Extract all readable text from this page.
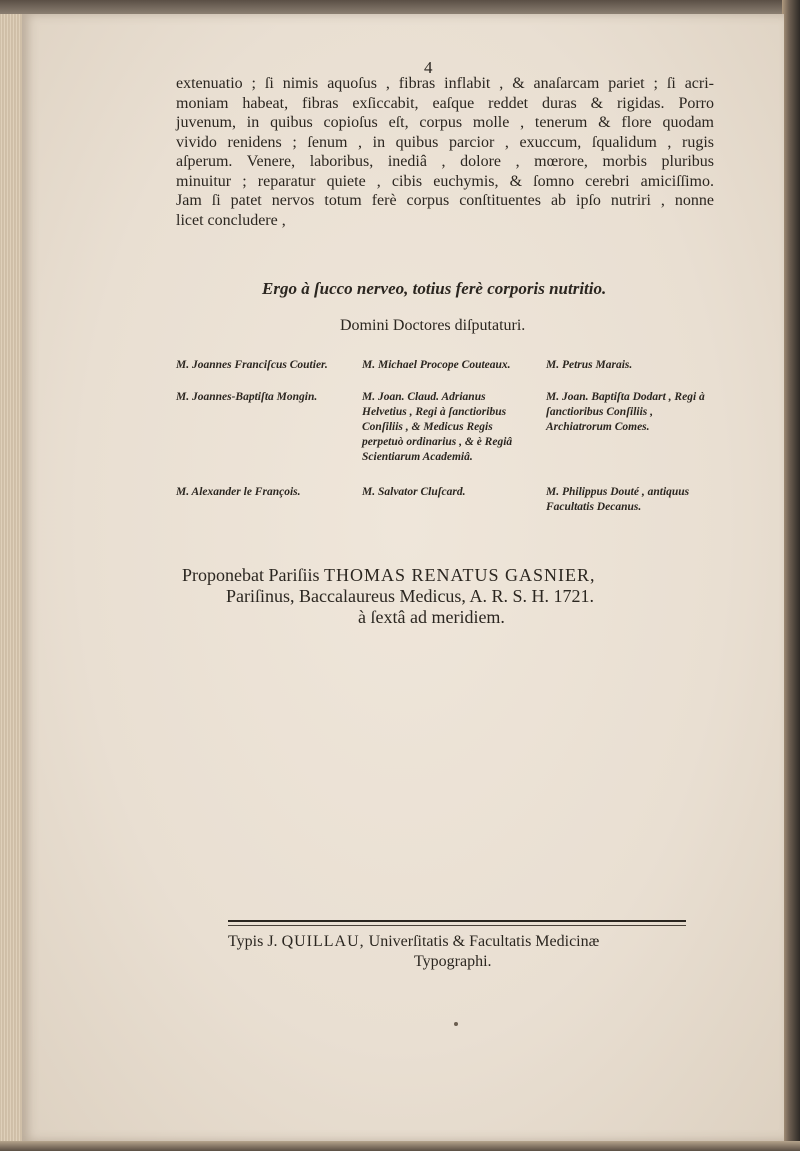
4
extenuatio ; ſi nimis aquoſus , fibras inflabit , & anaſarcam pariet ; ſi acri-
moniam habeat, fibras exſiccabit, eaſque reddet duras & rigidas. Porro
juvenum, in quibus copioſus eſt, corpus molle , tenerum & flore quodam
vivido renidens ; ſenum , in quibus parcior , exuccum, ſqualidum , rugis
aſperum. Venere, laboribus, inediâ , dolore , mœrore, morbis pluribus
minuitur ; reparatur quiete , cibis euchymis, & ſomno cerebri amiciſſimo.
Jam ſi patet nervos totum ferè corpus conſtituentes ab ipſo nutriri , nonne
licet concludere ,
Ergo à ſucco nerveo, totius ferè corporis nutritio.
Domini Doctores diſputaturi.
M. Joannes Franciſcus Coutier.
M. Joannes-Baptiſta Mongin.
M. Alexander le François.
M. Michael Procope Couteaux.
M. Joan. Claud. Adrianus Helvetius , Regi à ſanctioribus Conſiliis , & Medicus Regis perpetuò ordinarius , & è Regiâ Scientiarum Academiâ.
M. Salvator Cluſcard.
M. Petrus Marais.
M. Joan. Baptiſta Dodart , Regi à ſanctioribus Conſiliis , Archiatrorum Comes.
M. Philippus Douté , antiquus Facultatis Decanus.
Proponebat Pariſiis THOMAS RENATUS GASNIER,
Pariſinus, Baccalaureus Medicus, A. R. S. H. 1721.
à ſextâ ad meridiem.
Typis J. QUILLAU, Univerſitatis & Facultatis Medicinæ
Typographi.
